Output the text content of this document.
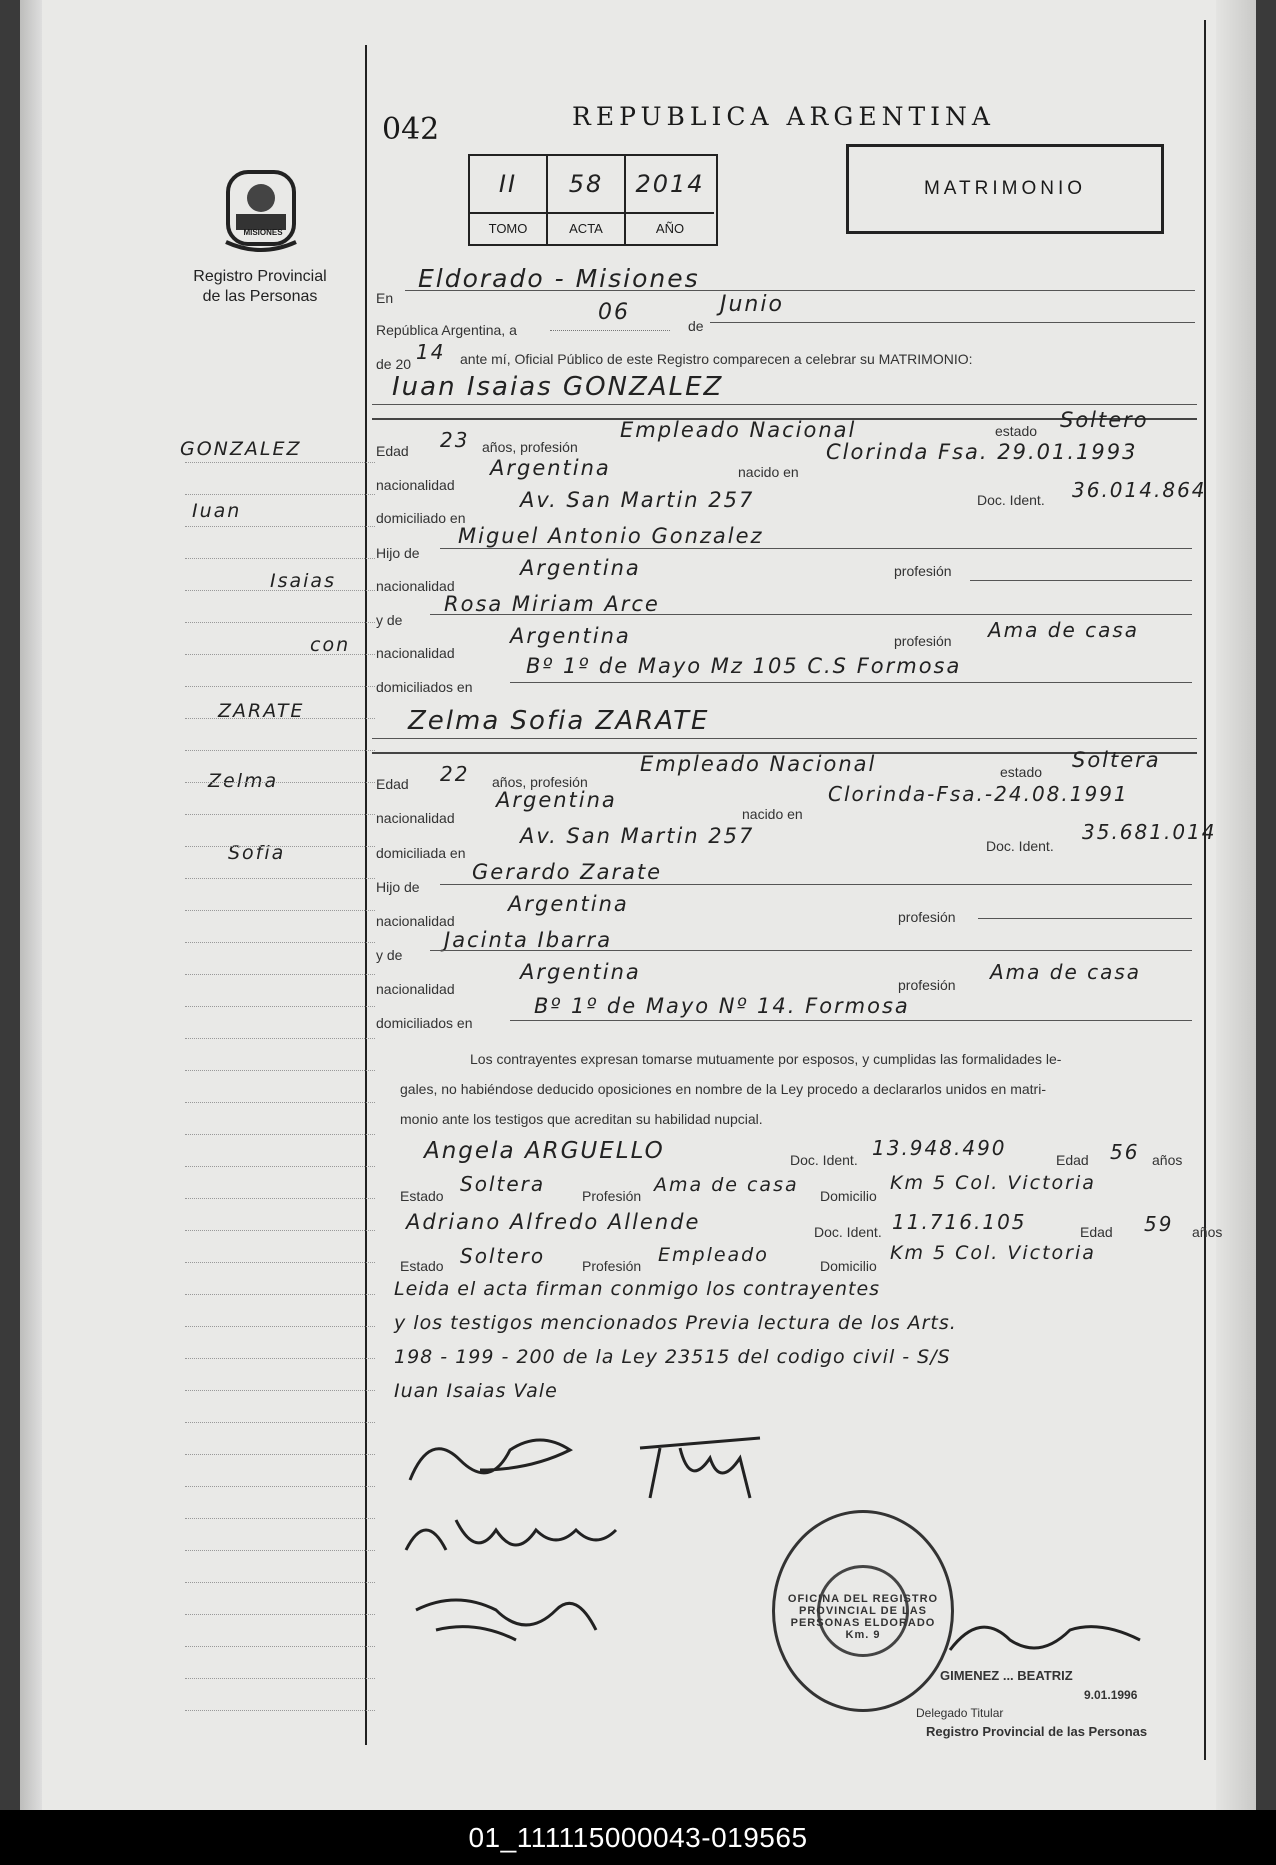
MISIONES
Registro Provincial
de las Personas
042	REPUBLICA ARGENTINA
II	58	2014
TOMO	ACTA	AÑO
MATRIMONIO
En
Eldorado - Misiones
República Argentina, a
06
de
Junio
de 20 14 ante mí, Oficial Público de este Registro comparecen a celebrar su MATRIMONIO:
Iuan Isaias GONZALEZ
Edad 23 años, profesión
Empleado Nacional	estado Soltero
nacionalidad
Argentina	nacido en
Clorinda Fsa. 29.01.1993
domiciliado en
Av. San Martin 257	Doc. Ident. 36.014.864
Hijo de
Miguel Antonio Gonzalez
nacionalidad
Argentina	profesión
y de
Rosa Miriam Arce
nacionalidad
Argentina	profesión Ama de casa
domiciliados en
Bº 1º de Mayo Mz 105 C.S Formosa
Zelma Sofia ZARATE
Edad 22 años, profesión
Empleado Nacional	estado Soltera
nacionalidad
Argentina
nacido en
Clorinda-Fsa.-24.08.1991
domiciliada en
Av. San Martin 257	Doc. Ident.
35.681.014
Hijo de
Gerardo Zarate
nacionalidad
Argentina
profesión
y de
Jacinta Ibarra
nacionalidad
Argentina
profesión
Ama de casa
domiciliados en
Bº 1º de Mayo Nº 14. Formosa
Los contrayentes expresan tomarse mutuamente por esposos, y cumplidas las formalidades le-
gales, no habiéndose deducido oposiciones en nombre de la Ley procedo a declararlos unidos en matri-
monio ante los testigos que acreditan su habilidad nupcial.
Angela ARGUELLO	Doc. Ident. 13.948.490	Edad 56 años
Estado Soltera	Profesión Ama de casa Domicilio
Km 5 Col. Victoria
Adriano Alfredo Allende	Doc. Ident. 11.716.105	Edad 59 años
Estado Soltero	Profesión Empleado	Domicilio
Km 5 Col. Victoria
Leida el acta firman conmigo los contrayentes
y los testigos mencionados Previa lectura de los Arts.
198 - 199 - 200 de la Ley 23515 del codigo civil - S/S
Iuan Isaias Vale
OFICINA DEL REGISTRO PROVINCIAL DE LAS PERSONAS ELDORADO Km. 9
GIMENEZ ... BEATRIZ
9.01.1996
Delegado Titular
Registro Provincial de las Personas
GONZALEZ
Iuan
Isaias
con
ZARATE
Zelma
Sofia
01_111115000043-019565
